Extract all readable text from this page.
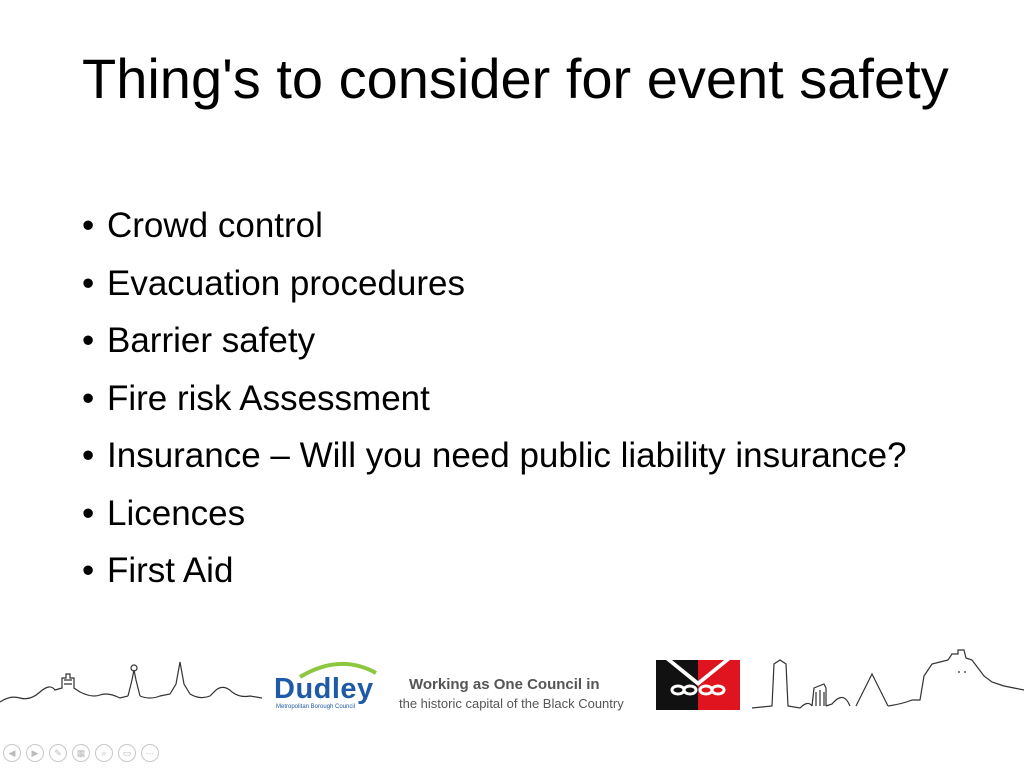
Thing's to consider for event safety
• Crowd control
• Evacuation procedures
• Barrier safety
• Fire risk Assessment
• Insurance – Will you need public liability insurance?
• Licences
• First Aid
Dudley
Metropolitan Borough Council
Working as One Council in
the historic capital of the Black Country
◀	▶	✎	▦	⌕	▭	⋯
